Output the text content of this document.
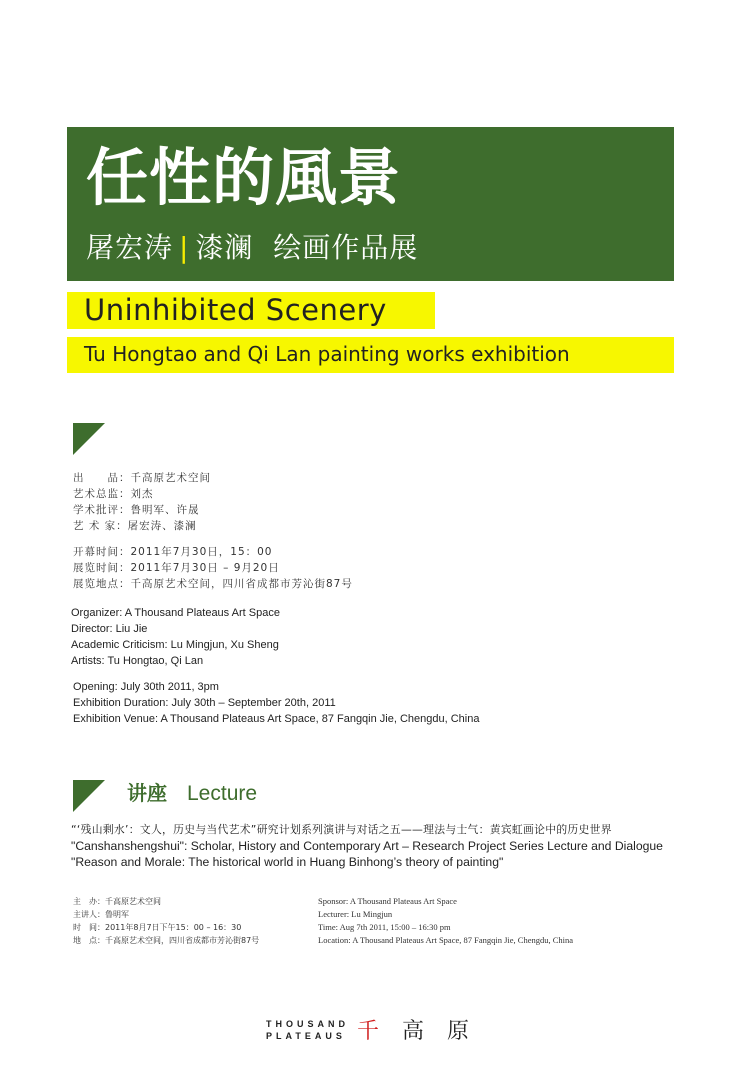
任性的風景
屠宏涛 | 漆澜 绘画作品展
Uninhibited Scenery
Tu Hongtao and Qi Lan painting works exhibition
出　　品：千高原艺术空间
艺术总监：刘杰
学术批评：鲁明军、许晟
艺 术 家：屠宏涛、漆澜
开幕时间：2011年7月30日，15：00
展览时间：2011年7月30日 – 9月20日
展览地点：千高原艺术空间，四川省成都市芳沁街87号
Organizer: A Thousand Plateaus Art Space
Director: Liu Jie
Academic Criticism: Lu Mingjun, Xu Sheng
Artists: Tu Hongtao, Qi Lan
Opening: July 30th 2011, 3pm
Exhibition Duration: July 30th – September 20th, 2011
Exhibition Venue: A Thousand Plateaus Art Space, 87 Fangqin Jie, Chengdu, China
讲座 Lecture
“‘残山剩水’：文人，历史与当代艺术”研究计划系列演讲与对话之五——理法与士气：黄宾虹画论中的历史世界
"Canshanshengshui": Scholar, History and Contemporary Art – Research Project Series Lecture and Dialogue
"Reason and Morale: The historical world in Huang Binhong’s theory of painting"
主　办：千高原艺术空间
主讲人：鲁明军
时　间：2011年8月7日下午15：00 – 16：30
地　点：千高原艺术空间，四川省成都市芳沁街87号
Sponsor: A Thousand Plateaus Art Space
Lecturer: Lu Mingjun
Time: Aug 7th 2011, 15:00 – 16:30 pm
Location: A Thousand Plateaus Art Space, 87 Fangqin Jie, Chengdu, China
THOUSAND
PLATEAUS 千 高 原
